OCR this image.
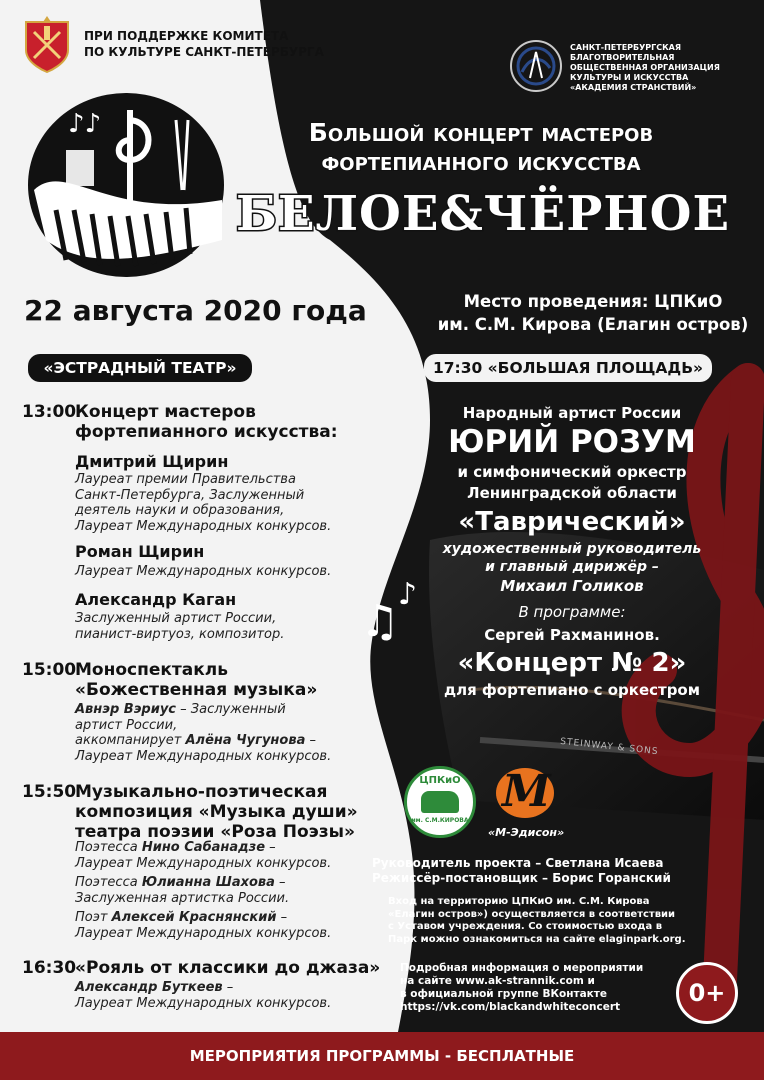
ПРИ ПОДДЕРЖКЕ КОМИТЕТА
ПО КУЛЬТУРЕ САНКТ-ПЕТЕРБУРГА	САНКТ-ПЕТЕРБУРГСКАЯ
БЛАГОТВОРИТЕЛЬНАЯ
ОБЩЕСТВЕННАЯ ОРГАНИЗАЦИЯ
КУЛЬТУРЫ И ИСКУССТВА
«АКАДЕМИЯ СТРАНСТВИЙ»
♪♪	Большой концерт мастеров
фортепианного искусства
БЕЛОЕ&ЧЁРНОЕ
22 августа 2020 года	Место проведения: ЦПКиО
им. С.М. Кирова (Елагин остров)
«ЭСТРАДНЫЙ ТЕАТР»
13:00
Концерт мастеров
фортепианного искусства:
Дмитрий Щирин
Лауреат премии Правительства
Санкт-Петербурга, Заслуженный
деятель науки и образования,
Лауреат Международных конкурсов.
Роман Щирин
Лауреат Международных конкурсов.
Александр Каган
Заслуженный артист России,
пианист-виртуоз, композитор.
15:00
Моноспектакль
«Божественная музыка»
Авнэр Вэриус – Заслуженный
артист России,
аккомпанирует Алёна Чугунова –
Лауреат Международных конкурсов.
15:50
Музыкально-поэтическая
композиция «Музыка души»
театра поэзии «Роза Поэзы»
Поэтесса Нино Сабанадзе –
Лауреат Международных конкурсов.
Поэтесса Юлианна Шахова –
Заслуженная артистка России.
Поэт Алексей Краснянский –
Лауреат Международных конкурсов.
16:30
«Рояль от классики до джаза»
Александр Буткеев –
Лауреат Международных конкурсов.
17:30 «БОЛЬШАЯ ПЛОЩАДЬ»
Народный артист России
ЮРИЙ РОЗУМ
и симфонический оркестр
Ленинградской области
«Таврический»
художественный руководитель
и главный дирижёр –
Михаил Голиков
В программе:
Сергей Рахманинов.
«Концерт № 2»
для фортепиано с оркестром
♫
♪
STEINWAY & SONS
ЦПКиО
им. С.М.КИРОВА
M
«М-Эдисон»
Руководитель проекта – Светлана Исаева
Режиссёр-постановщик – Борис Горанский
Вход на территорию ЦПКиО им. С.М. Кирова
«Елагин остров») осуществляется в соответствии
с Уставом учреждения. Со стоимостью входа в
Парк можно ознакомиться на сайте elaginpark.org.
Подробная информация о мероприятии
на сайте www.ak-strannik.com и
в официальной группе ВКонтакте
https://vk.com/blackandwhiteconcert	0+
МЕРОПРИЯТИЯ ПРОГРАММЫ - БЕСПЛАТНЫЕ
